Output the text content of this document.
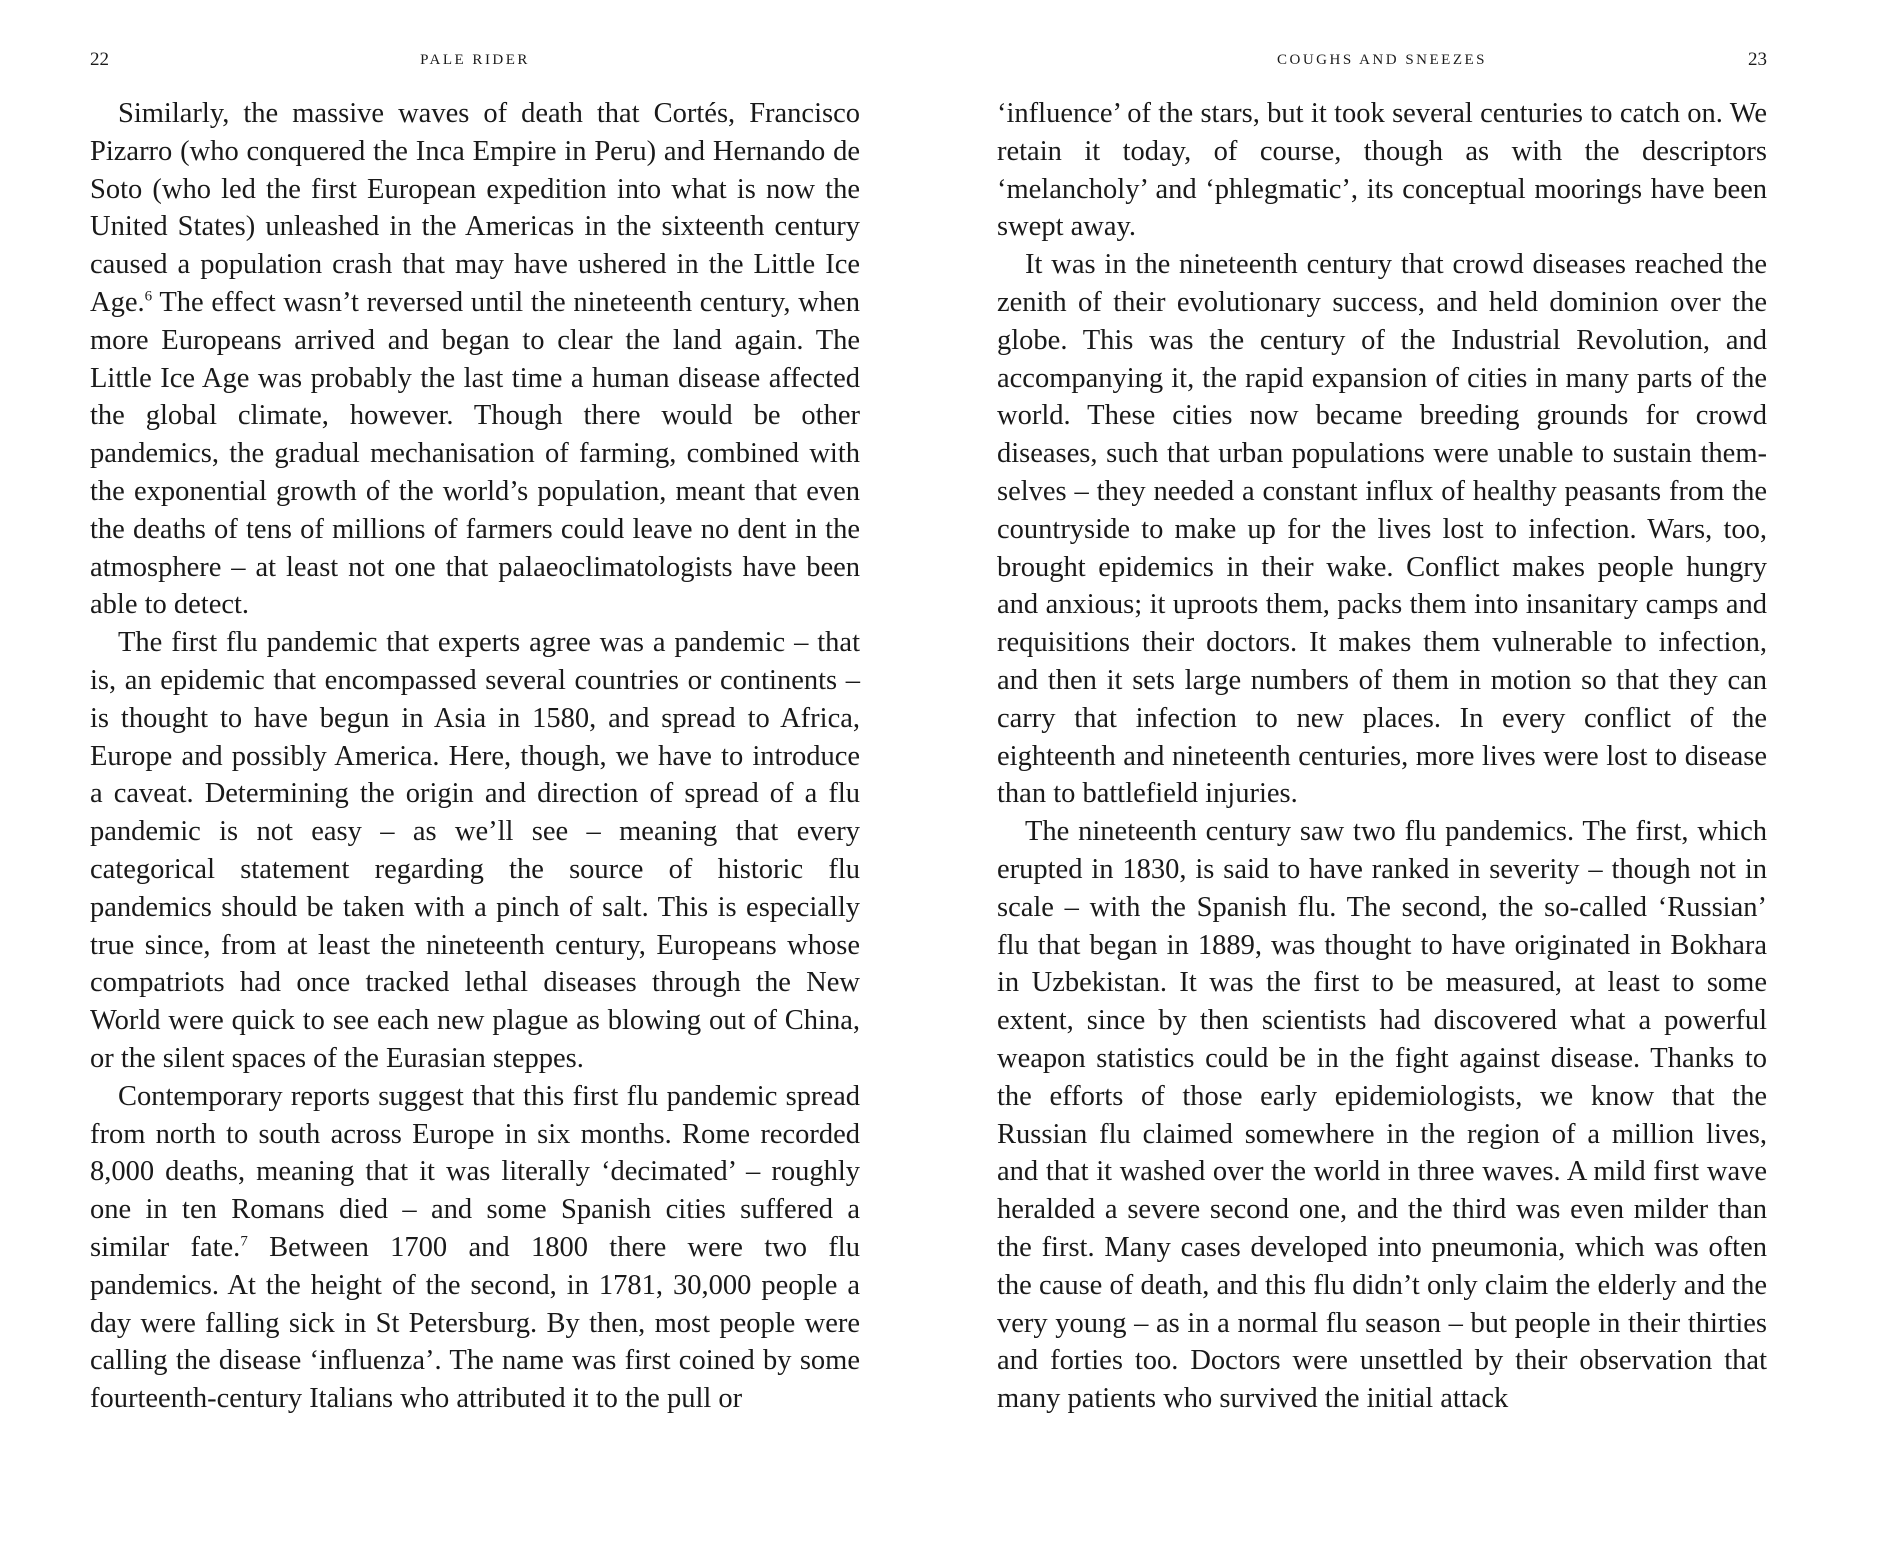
22	PALE RIDER

Similarly, the massive waves of death that Cortés, Francisco Pizarro (who conquered the Inca Empire in Peru) and Hernando de Soto (who led the first European expedition into what is now the United States) unleashed in the Americas in the sixteenth century caused a population crash that may have ushered in the Little Ice Age.$^6$ The effect wasn’t reversed until the nineteenth century, when more Europeans arrived and began to clear the land again. The Little Ice Age was probably the last time a human disease affected the global climate, however. Though there would be other pandemics, the gradual mechanisation of farming, combined with the exponential growth of the world’s population, meant that even the deaths of tens of millions of farmers could leave no dent in the atmosphere – at least not one that palaeoclimatologists have been able to detect.

The first flu pandemic that experts agree was a pandemic – that is, an epidemic that encompassed several countries or continents – is thought to have begun in Asia in 1580, and spread to Africa, Europe and possibly America. Here, though, we have to introduce a caveat. Determining the origin and direction of spread of a flu pandemic is not easy – as we’ll see – meaning that every categorical statement regarding the source of historic flu pandemics should be taken with a pinch of salt. This is especially true since, from at least the nineteenth century, Europeans whose compatriots had once tracked lethal diseases through the New World were quick to see each new plague as blowing out of China, or the silent spaces of the Eurasian steppes.

Contemporary reports suggest that this first flu pandemic spread from north to south across Europe in six months. Rome recorded 8,000 deaths, meaning that it was literally ‘decimated’ – roughly one in ten Romans died – and some Spanish cities suffered a similar fate.$^7$ Between 1700 and 1800 there were two flu pandemics. At the height of the second, in 1781, 30,000 people a day were falling sick in St Petersburg. By then, most people were calling the disease ‘influenza’. The name was first coined by some fourteenth-century Italians who attributed it to the pull or

COUGHS AND SNEEZES	23

‘influence’ of the stars, but it took several centuries to catch on. We retain it today, of course, though as with the descriptors ‘melancholy’ and ‘phlegmatic’, its conceptual moorings have been swept away.

It was in the nineteenth century that crowd diseases reached the zenith of their evolutionary success, and held dominion over the globe. This was the century of the Industrial Revolution, and accompanying it, the rapid expansion of cities in many parts of the world. These cities now became breeding grounds for crowd diseases, such that urban populations were unable to sustain themselves – they needed a constant influx of healthy peasants from the countryside to make up for the lives lost to infection. Wars, too, brought epidemics in their wake. Conflict makes people hungry and anxious; it uproots them, packs them into insanitary camps and requisitions their doctors. It makes them vulnerable to infection, and then it sets large numbers of them in motion so that they can carry that infection to new places. In every conflict of the eighteenth and nineteenth centuries, more lives were lost to disease than to battlefield injuries.

The nineteenth century saw two flu pandemics. The first, which erupted in 1830, is said to have ranked in severity – though not in scale – with the Spanish flu. The second, the so-called ‘Russian’ flu that began in 1889, was thought to have originated in Bokhara in Uzbekistan. It was the first to be measured, at least to some extent, since by then scientists had discovered what a powerful weapon statistics could be in the fight against disease. Thanks to the efforts of those early epidemiologists, we know that the Russian flu claimed somewhere in the region of a million lives, and that it washed over the world in three waves. A mild first wave heralded a severe second one, and the third was even milder than the first. Many cases developed into pneumonia, which was often the cause of death, and this flu didn’t only claim the elderly and the very young – as in a normal flu season – but people in their thirties and forties too. Doctors were unsettled by their observation that many patients who survived the initial attack
